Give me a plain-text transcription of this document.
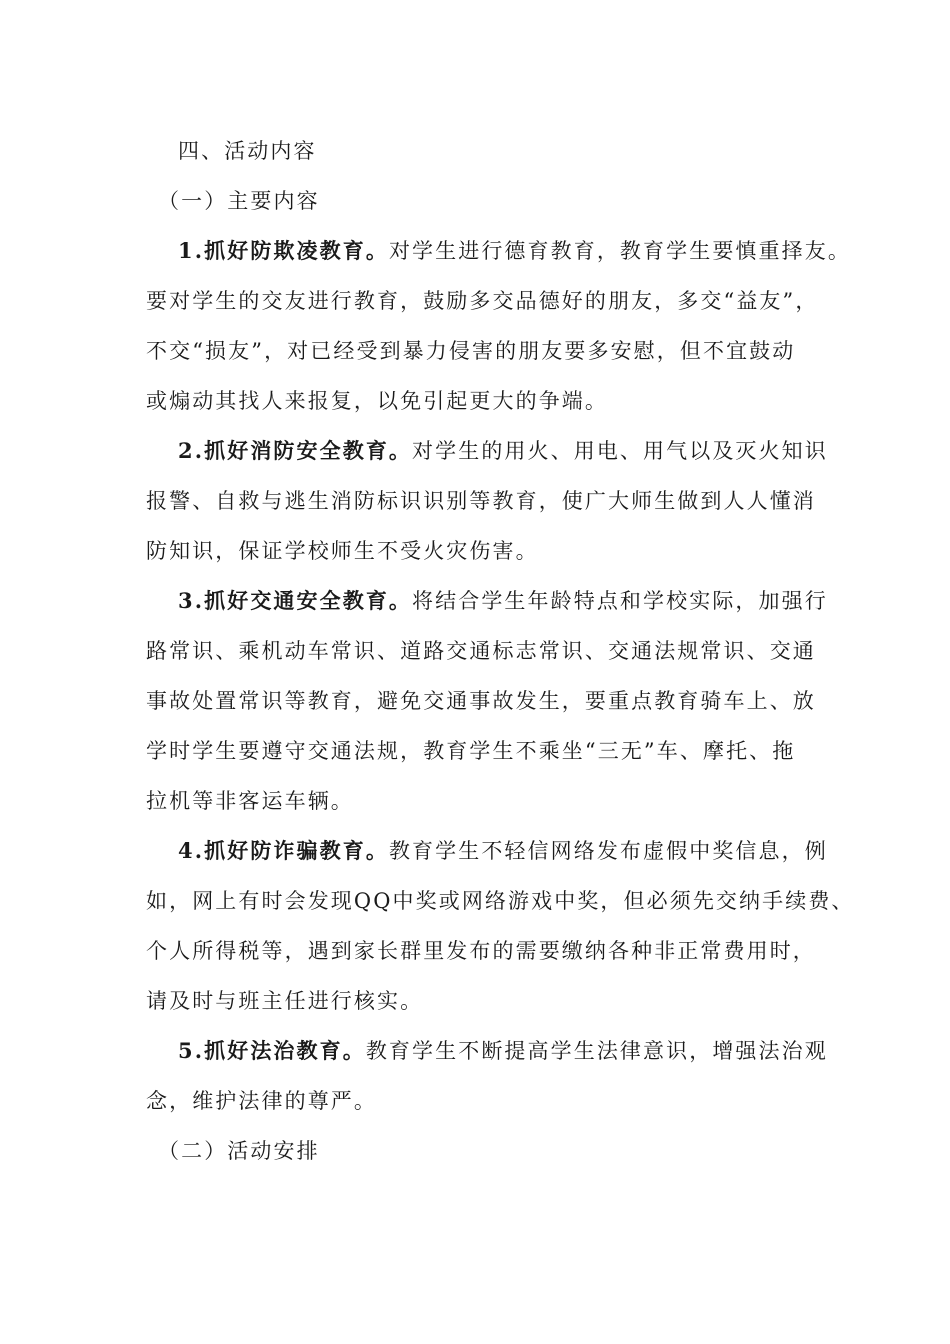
四、活动内容
（一）主要内容
1.抓好防欺凌教育。对学生进行德育教育，教育学生要慎重择友。
要对学生的交友进行教育，鼓励多交品德好的朋友，多交“益友”，
不交“损友”，对已经受到暴力侵害的朋友要多安慰，但不宜鼓动
或煽动其找人来报复，以免引起更大的争端。
2.抓好消防安全教育。对学生的用火、用电、用气以及灭火知识
报警、自救与逃生消防标识识别等教育，使广大师生做到人人懂消
防知识，保证学校师生不受火灾伤害。
3.抓好交通安全教育。将结合学生年龄特点和学校实际，加强行
路常识、乘机动车常识、道路交通标志常识、交通法规常识、交通
事故处置常识等教育，避免交通事故发生，要重点教育骑车上、放
学时学生要遵守交通法规，教育学生不乘坐“三无”车、摩托、拖
拉机等非客运车辆。
4.抓好防诈骗教育。教育学生不轻信网络发布虚假中奖信息，例
如，网上有时会发现QQ中奖或网络游戏中奖，但必须先交纳手续费、
个人所得税等，遇到家长群里发布的需要缴纳各种非正常费用时，
请及时与班主任进行核实。
5.抓好法治教育。教育学生不断提高学生法律意识，增强法治观
念，维护法律的尊严。
（二）活动安排
